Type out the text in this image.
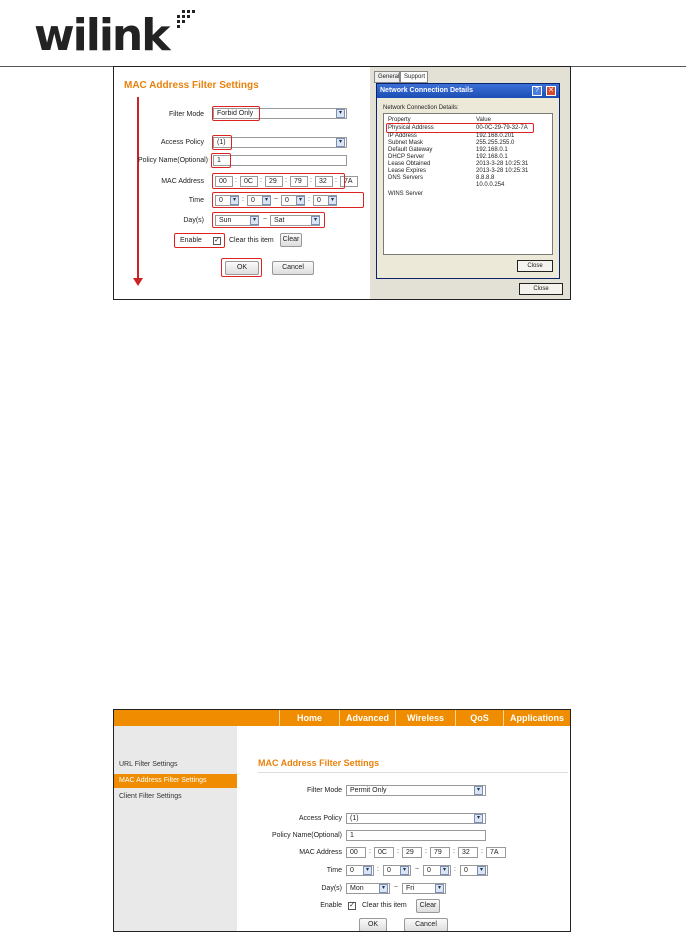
wilink
MAC Address Filter Settings
Filter Mode	Forbid Only	▾
Access Policy	(1)	▾
Policy Name(Optional)	1
MAC Address	00	:	0C	:	29	:	79	:	32	:	7A
Time	0	▾ :	0	▾ ~ 0	▾ :	0	▾
Day(s)	Sun	▾	~ Sat	▾
Enable ✓ Clear this item	Clear
OK	Cancel
General Support
Network Connection Details	?	✕
Network Connection Details:
Property	Value
Physical Address	00-0C-29-79-32-7A
IP Address	192.168.0.201
Subnet Mask	255.255.255.0
Default Gateway	192.168.0.1
DHCP Server	192.168.0.1
Lease Obtained	2013-3-28 10:25:31
Lease Expires	2013-3-28 10:25:31
DNS Servers	8.8.8.8
10.0.0.254
WINS Server
Close
Close
Home	Advanced	Wireless	QoS	Applications
URL Filter Settings
MAC Address Filter Settings
Client Filter Settings
MAC Address Filter Settings
Filter Mode	Permit Only	▾
Access Policy	(1)	▾
Policy Name(Optional)	1
MAC Address	00	:	0C	:	29	:	79	:	32	:	7A
Time	0	▾	:	0	▾	~	0	▾	:	0	▾
Day(s)	Mon	▾	~	Fri	▾
Enable ✓ Clear this item	Clear
OK	Cancel
